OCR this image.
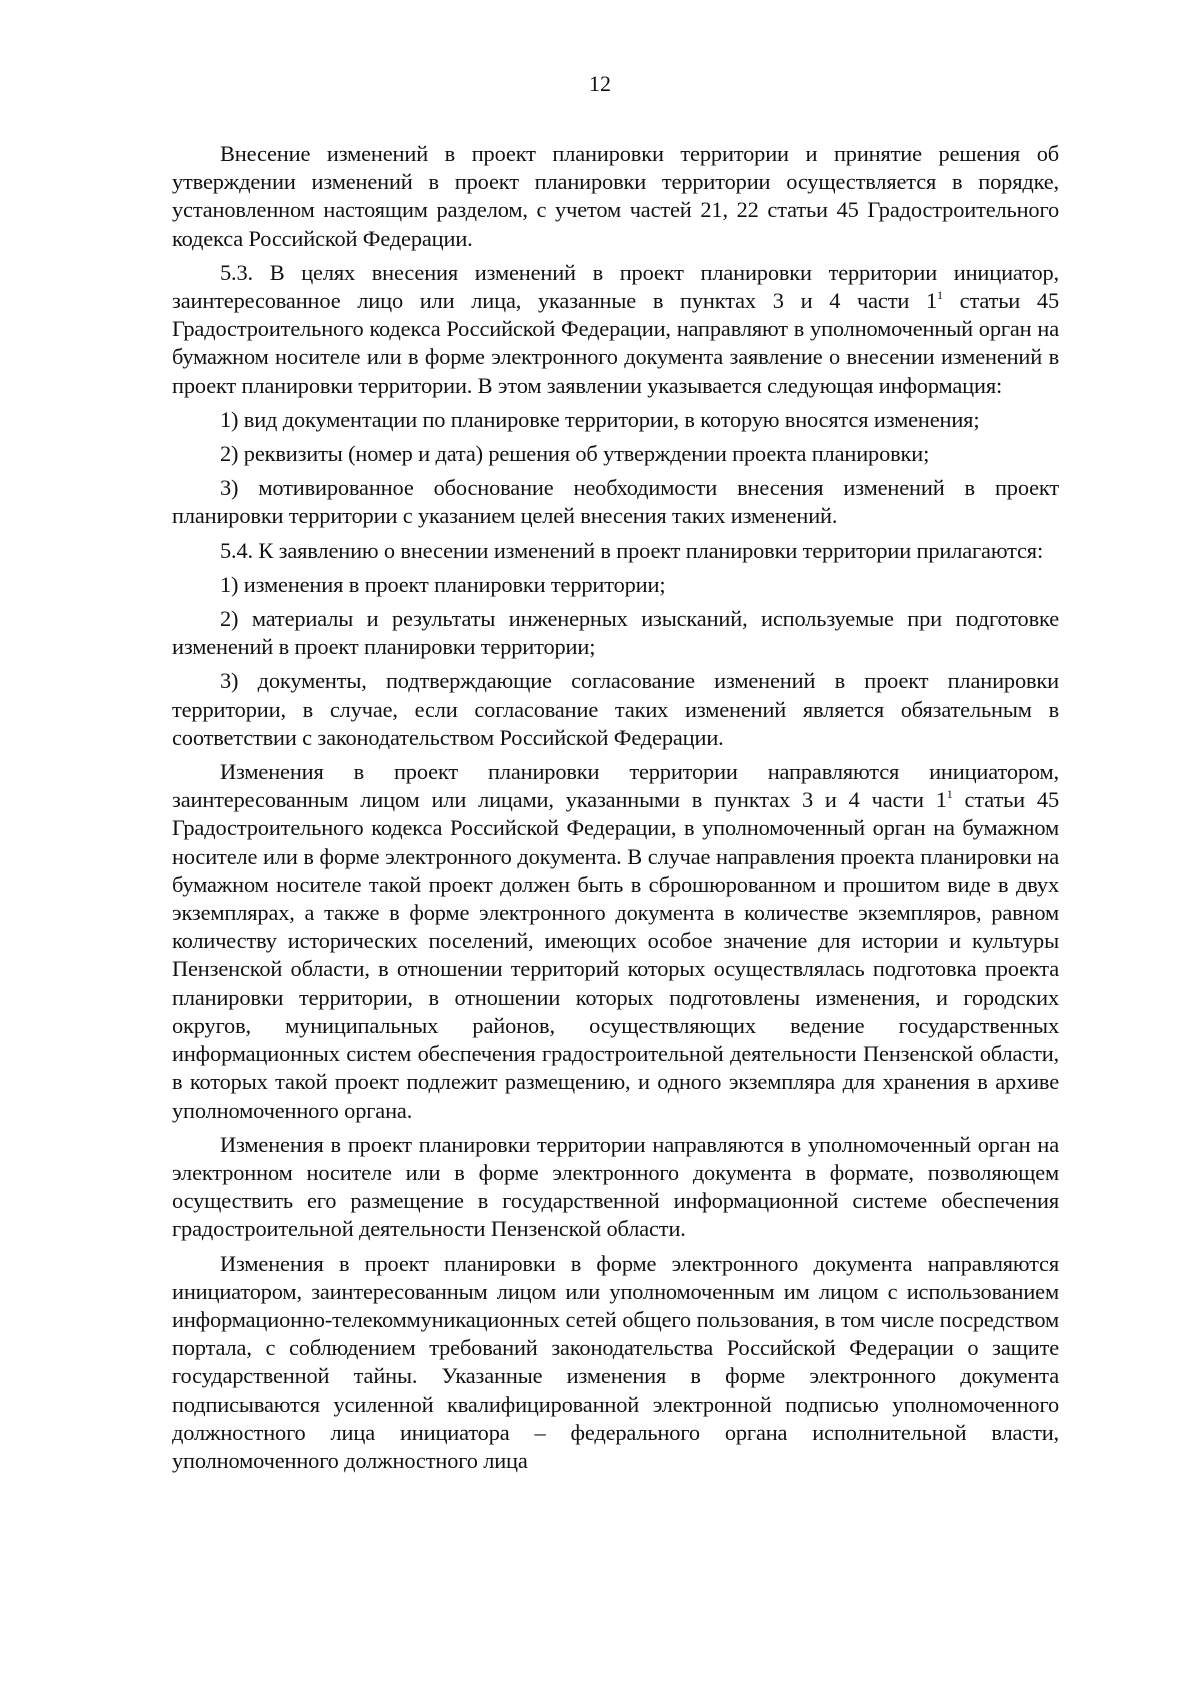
12

Внесение изменений в проект планировки территории и принятие решения об утверждении изменений в проект планировки территории осуществляется в порядке, установленном настоящим разделом, с учетом частей 21, 22 статьи 45 Градостроительного кодекса Российской Федерации.

5.3. В целях внесения изменений в проект планировки территории инициатор, заинтересованное лицо или лица, указанные в пунктах 3 и 4 части $1^1$ статьи 45 Градостроительного кодекса Российской Федерации, направляют в уполномоченный орган на бумажном носителе или в форме электронного документа заявление о внесении изменений в проект планировки территории. В этом заявлении указывается следующая информация:

1) вид документации по планировке территории, в которую вносятся изменения;

2) реквизиты (номер и дата) решения об утверждении проекта планировки;

3) мотивированное обоснование необходимости внесения изменений в проект планировки территории с указанием целей внесения таких изменений.

5.4. К заявлению о внесении изменений в проект планировки территории прилагаются:

1) изменения в проект планировки территории;

2) материалы и результаты инженерных изысканий, используемые при подготовке изменений в проект планировки территории;

3) документы, подтверждающие согласование изменений в проект планировки территории, в случае, если согласование таких изменений является обязательным в соответствии с законодательством Российской Федерации.

Изменения в проект планировки территории направляются инициатором, заинтересованным лицом или лицами, указанными в пунктах 3 и 4 части $1^1$ статьи 45 Градостроительного кодекса Российской Федерации, в уполномоченный орган на бумажном носителе или в форме электронного документа. В случае направления проекта планировки на бумажном носителе такой проект должен быть в сброшюрованном и прошитом виде в двух экземплярах, а также в форме электронного документа в количестве экземпляров, равном количеству исторических поселений, имеющих особое значение для истории и культуры Пензенской области, в отношении территорий которых осуществлялась подготовка проекта планировки территории, в отношении которых подготовлены изменения, и городских округов, муниципальных районов, осуществляющих ведение государственных информационных систем обеспечения градостроительной деятельности Пензенской области, в которых такой проект подлежит размещению, и одного экземпляра для хранения в архиве уполномоченного органа.

Изменения в проект планировки территории направляются в уполномоченный орган на электронном носителе или в форме электронного документа в формате, позволяющем осуществить его размещение в государственной информационной системе обеспечения градостроительной деятельности Пензенской области.

Изменения в проект планировки в форме электронного документа направляются инициатором, заинтересованным лицом или уполномоченным им лицом с использованием информационно-телекоммуникационных сетей общего пользования, в том числе посредством портала, с соблюдением требований законодательства Российской Федерации о защите государственной тайны. Указанные изменения в форме электронного документа подписываются усиленной квалифицированной электронной подписью уполномоченного должностного лица инициатора – федерального органа исполнительной власти, уполномоченного должностного лица
